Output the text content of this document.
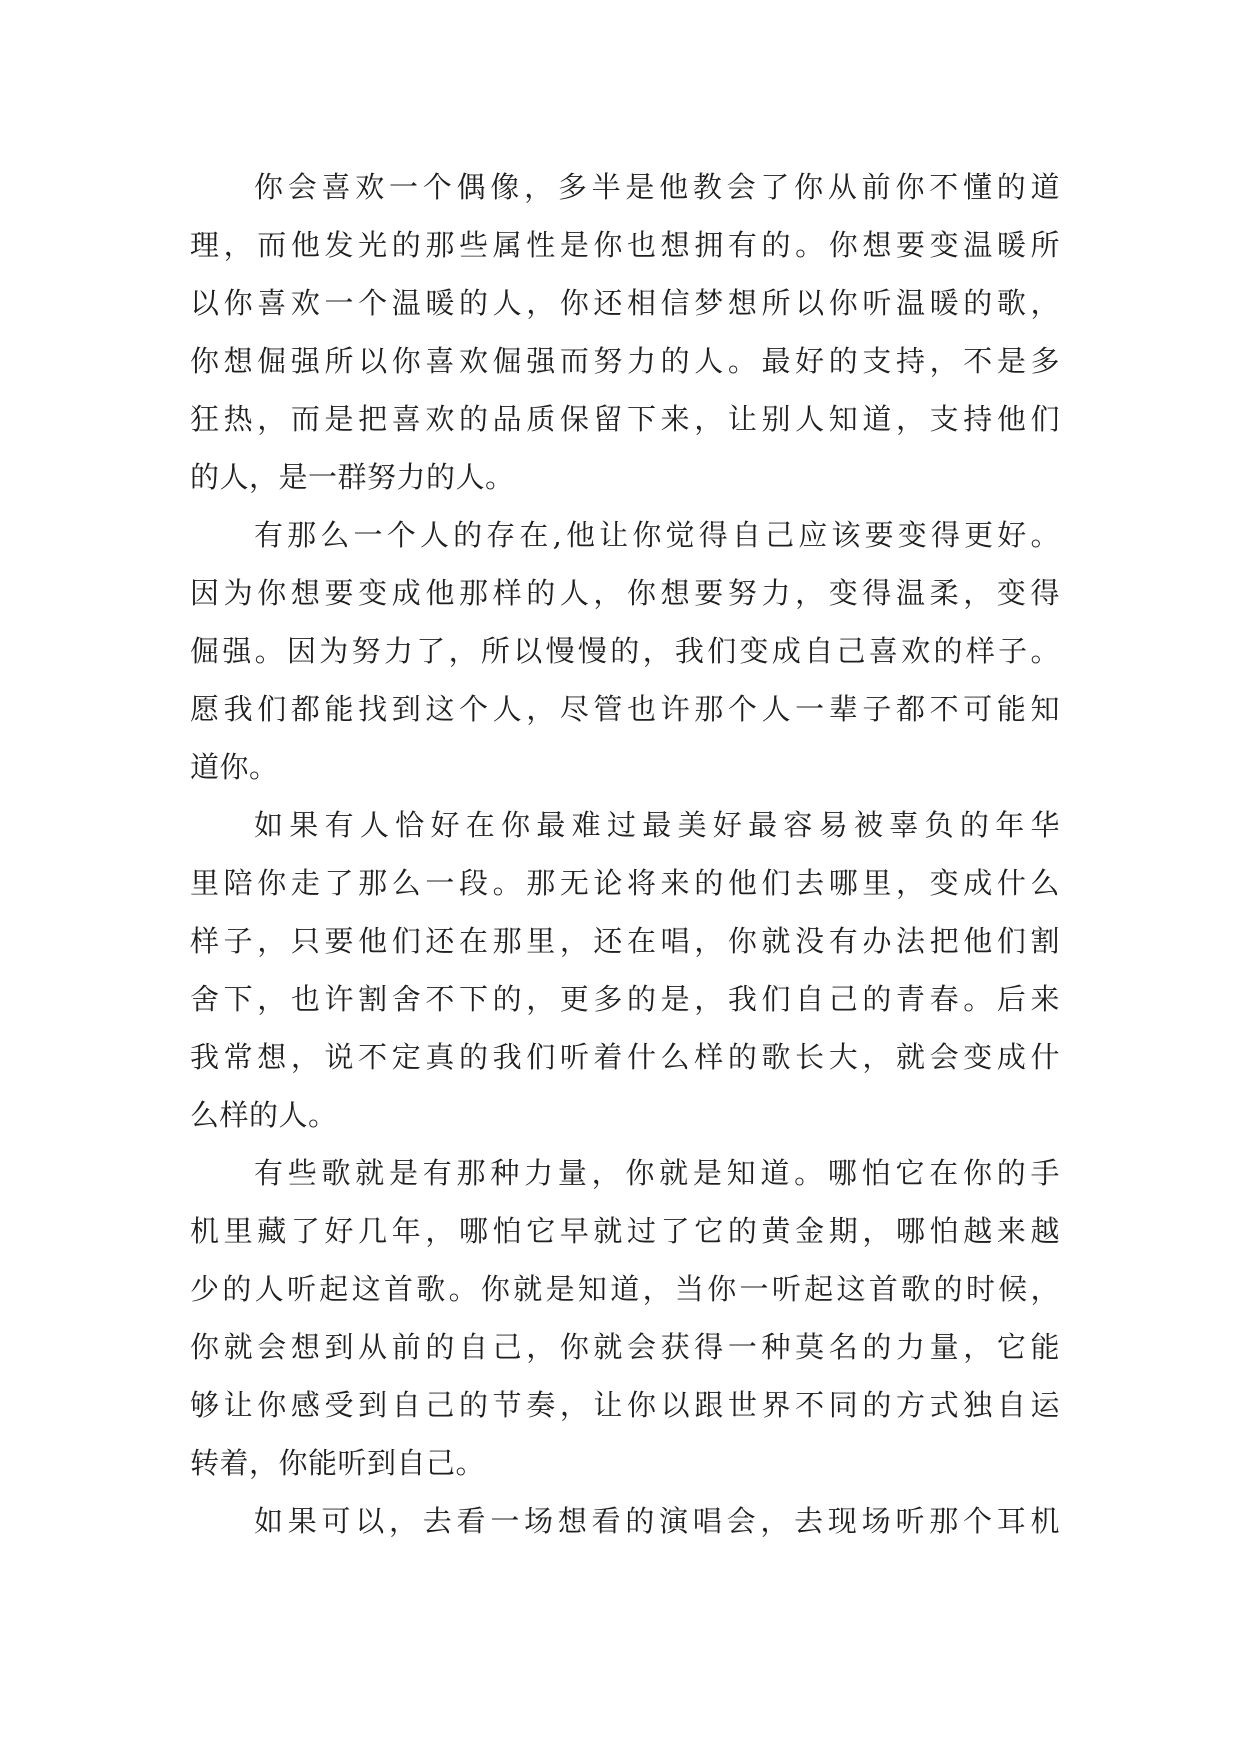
你会喜欢一个偶像，多半是他教会了你从前你不懂的道
理，而他发光的那些属性是你也想拥有的。你想要变温暖所
以你喜欢一个温暖的人，你还相信梦想所以你听温暖的歌，
你想倔强所以你喜欢倔强而努力的人。最好的支持，不是多
狂热，而是把喜欢的品质保留下来，让别人知道，支持他们
的人，是一群努力的人。
有那么一个人的存在,他让你觉得自己应该要变得更好。
因为你想要变成他那样的人，你想要努力，变得温柔，变得
倔强。因为努力了，所以慢慢的，我们变成自己喜欢的样子。
愿我们都能找到这个人，尽管也许那个人一辈子都不可能知
道你。
如果有人恰好在你最难过最美好最容易被辜负的年华
里陪你走了那么一段。那无论将来的他们去哪里，变成什么
样子，只要他们还在那里，还在唱，你就没有办法把他们割
舍下，也许割舍不下的，更多的是，我们自己的青春。后来
我常想，说不定真的我们听着什么样的歌长大，就会变成什
么样的人。
有些歌就是有那种力量，你就是知道。哪怕它在你的手
机里藏了好几年，哪怕它早就过了它的黄金期，哪怕越来越
少的人听起这首歌。你就是知道，当你一听起这首歌的时候，
你就会想到从前的自己，你就会获得一种莫名的力量，它能
够让你感受到自己的节奏，让你以跟世界不同的方式独自运
转着，你能听到自己。
如果可以，去看一场想看的演唱会，去现场听那个耳机
